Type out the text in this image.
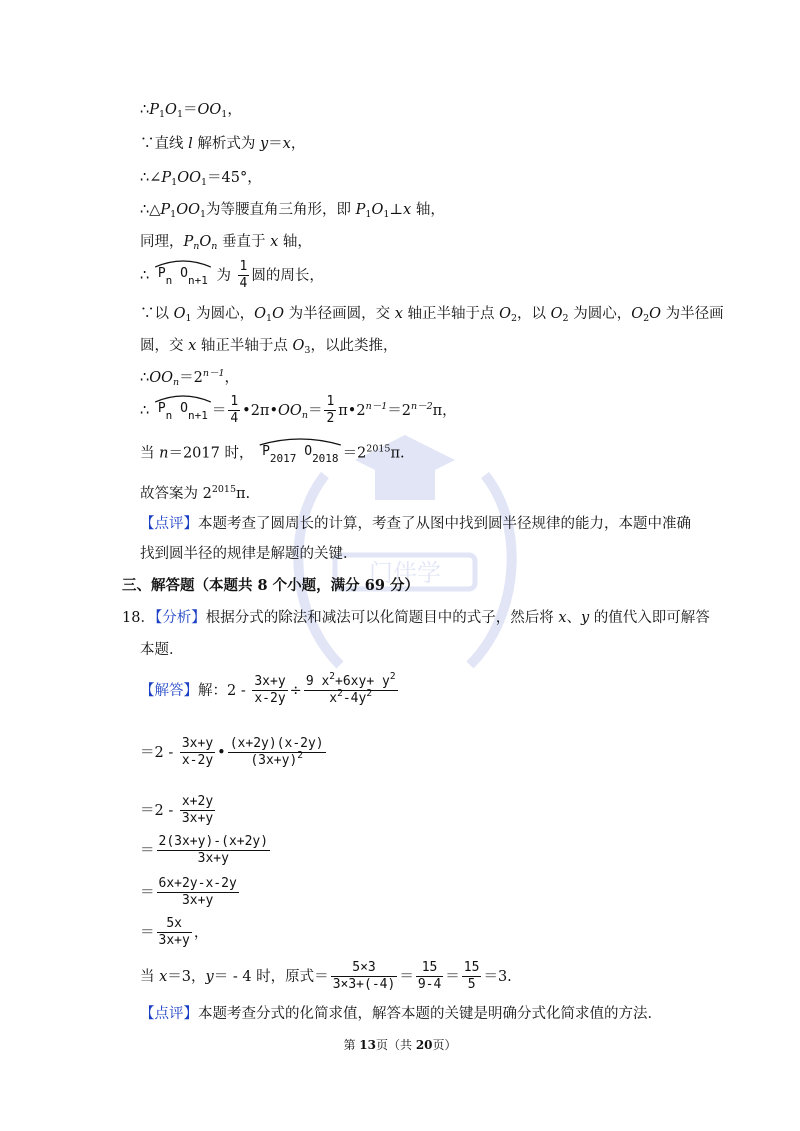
门伴学
$\therefore P_1O_1=OO_1$，
∵直线 l 解析式为 y＝x，
$\therefore\angle P_1OO_1=45^\circ$，
$\therefore\triangle P_1OO_1$为等腰直角三角形，即 $P_1O_1\perp x$ 轴，
同理，$P_nO_n$ 垂直于 x 轴，
∴ $P_n$ $O_{n+1}$ 为 $\frac{1}{4}$ 圆的周长，
∵以 $O_1$ 为圆心，$O_1O$ 为半径画圆，交 x 轴正半轴于点 $O_2$，以 $O_2$ 为圆心，$O_2O$ 为半径画
圆，交 x 轴正半轴于点 $O_3$，以此类推，
$\therefore OO_n=2^{n-1}$，
∴ $P_n$ $O_{n+1} = \frac{1}{4}$ $•2\pi•OO_n= \frac{1}{2}$ $\pi•2^{n-1}=2^{n-2}\pi$，
当 n＝2017 时， $P_{2017}$ $O_{2018} =2^{2015}\pi$.
故答案为 $2^{2015}\pi$.
【点评】本题考查了圆周长的计算，考查了从图中找到圆半径规律的能力，本题中准确
找到圆半径的规律是解题的关键．
三、解答题（本题共 8 个小题，满分 69 分）
18．【分析】根据分式的除法和减法可以化简题目中的式子，然后将 x、y 的值代入即可解答
本题．
【解答】解：$2 - \frac{3x+y}{x-2y} \div \frac{9 x^2+6xy+ y^2}{x^2-4y^2}$
$=2 - \frac{3x+y}{x-2y}$ • $\frac{(x+2y)(x-2y)}{(3x+y)^2}$
$=2 - \frac{x+2y}{3x+y}$
＝ $\frac{2(3x+y)-(x+2y)}{3x+y}$
＝ $\frac{6x+2y-x-2y}{3x+y}$
＝ $\frac{5x}{3x+y}$ ，
当 x＝3，y＝ - 4 时，原式＝ $\frac{5\times 3}{3\times 3+(-4)} = \frac{15}{9-4} = \frac{15}{5} =3$.
【点评】本题考查分式的化简求值，解答本题的关键是明确分式化简求值的方法．
第 13页（共 20页）
